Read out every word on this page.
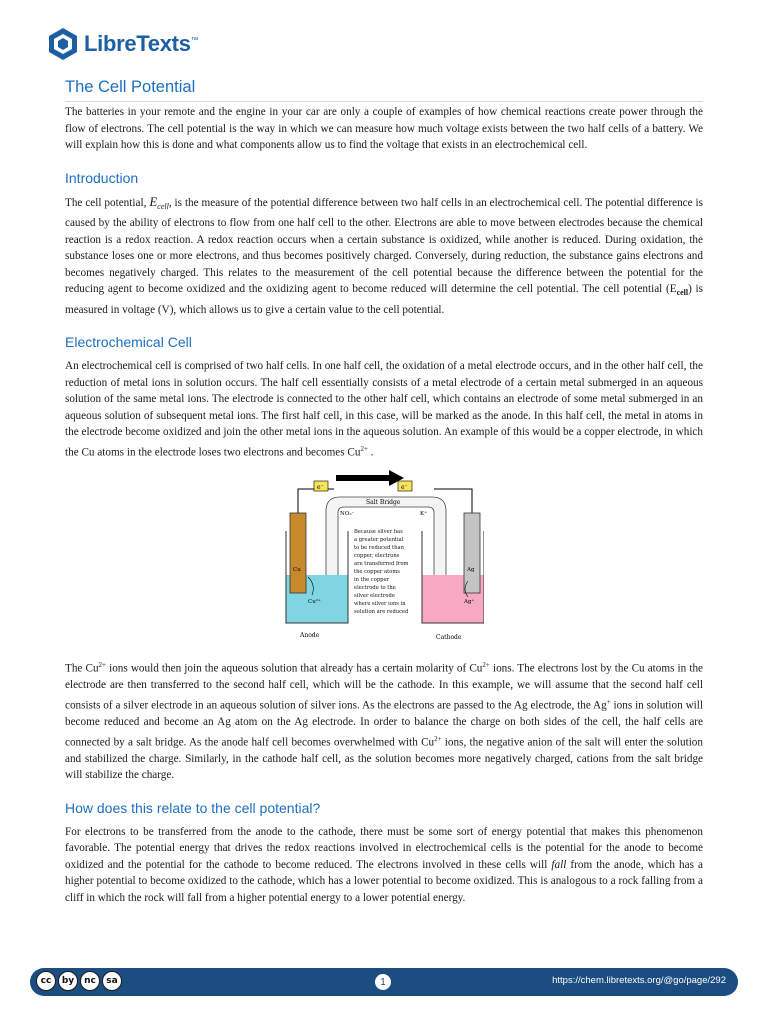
LibreTexts™
The Cell Potential

The batteries in your remote and the engine in your car are only a couple of examples of how chemical reactions create power through the flow of electrons. The cell potential is the way in which we can measure how much voltage exists between the two half cells of a battery. We will explain how this is done and what components allow us to find the voltage that exists in an electrochemical cell.

Introduction

The cell potential, $E_{cell}$, is the measure of the potential difference between two half cells in an electrochemical cell. The potential difference is caused by the ability of electrons to flow from one half cell to the other. Electrons are able to move between electrodes because the chemical reaction is a redox reaction. A redox reaction occurs when a certain substance is oxidized, while another is reduced. During oxidation, the substance loses one or more electrons, and thus becomes positively charged. Conversely, during reduction, the substance gains electrons and becomes negatively charged. This relates to the measurement of the cell potential because the difference between the potential for the reducing agent to become oxidized and the oxidizing agent to become reduced will determine the cell potential. The cell potential $(E_{cell})$ is measured in voltage (V), which allows us to give a certain value to the cell potential.

Electrochemical Cell

An electrochemical cell is comprised of two half cells. In one half cell, the oxidation of a metal electrode occurs, and in the other half cell, the reduction of metal ions in solution occurs. The half cell essentially consists of a metal electrode of a certain metal submerged in an aqueous solution of the same metal ions. The electrode is connected to the other half cell, which contains an electrode of some metal submerged in an aqueous solution of subsequent metal ions. The first half cell, in this case, will be marked as the anode. In this half cell, the metal in atoms in the electrode become oxidized and join the other metal ions in the aqueous solution. An example of this would be a copper electrode, in which the Cu atoms in the electrode loses two electrons and becomes $Cu^{2+}$ .

e⁻	e⁻
Salt Bridge
NO₃⁻	K⁺
Cu	Ag
Cu²⁺	Ag⁺
Because silver has a greater potential to be reduced than copper, electrons are transferred from the copper atoms in the copper electrode to the silver electrode where silver ions in solution are reduced
Anode	Cathode

The $Cu^{2+}$ ions would then join the aqueous solution that already has a certain molarity of $Cu^{2+}$ ions. The electrons lost by the Cu atoms in the electrode are then transferred to the second half cell, which will be the cathode. In this example, we will assume that the second half cell consists of a silver electrode in an aqueous solution of silver ions. As the electrons are passed to the Ag electrode, the Ag+ ions in solution will become reduced and become an Ag atom on the Ag electrode. In order to balance the charge on both sides of the cell, the half cells are connected by a salt bridge. As the anode half cell becomes overwhelmed with $Cu^{2+}$ ions, the negative anion of the salt will enter the solution and stabilized the charge. Similarly, in the cathode half cell, as the solution becomes more negatively charged, cations from the salt bridge will stabilize the charge.

How does this relate to the cell potential?

For electrons to be transferred from the anode to the cathode, there must be some sort of energy potential that makes this phenomenon favorable. The potential energy that drives the redox reactions involved in electrochemical cells is the potential for the anode to become oxidized and the potential for the cathode to become reduced. The electrons involved in these cells will fall from the anode, which has a higher potential to become oxidized to the cathode, which has a lower potential to become oxidized. This is analogous to a rock falling from a cliff in which the rock will fall from a higher potential energy to a lower potential energy.

cc	by	nc	sa	1	https://chem.libretexts.org/@go/page/292
